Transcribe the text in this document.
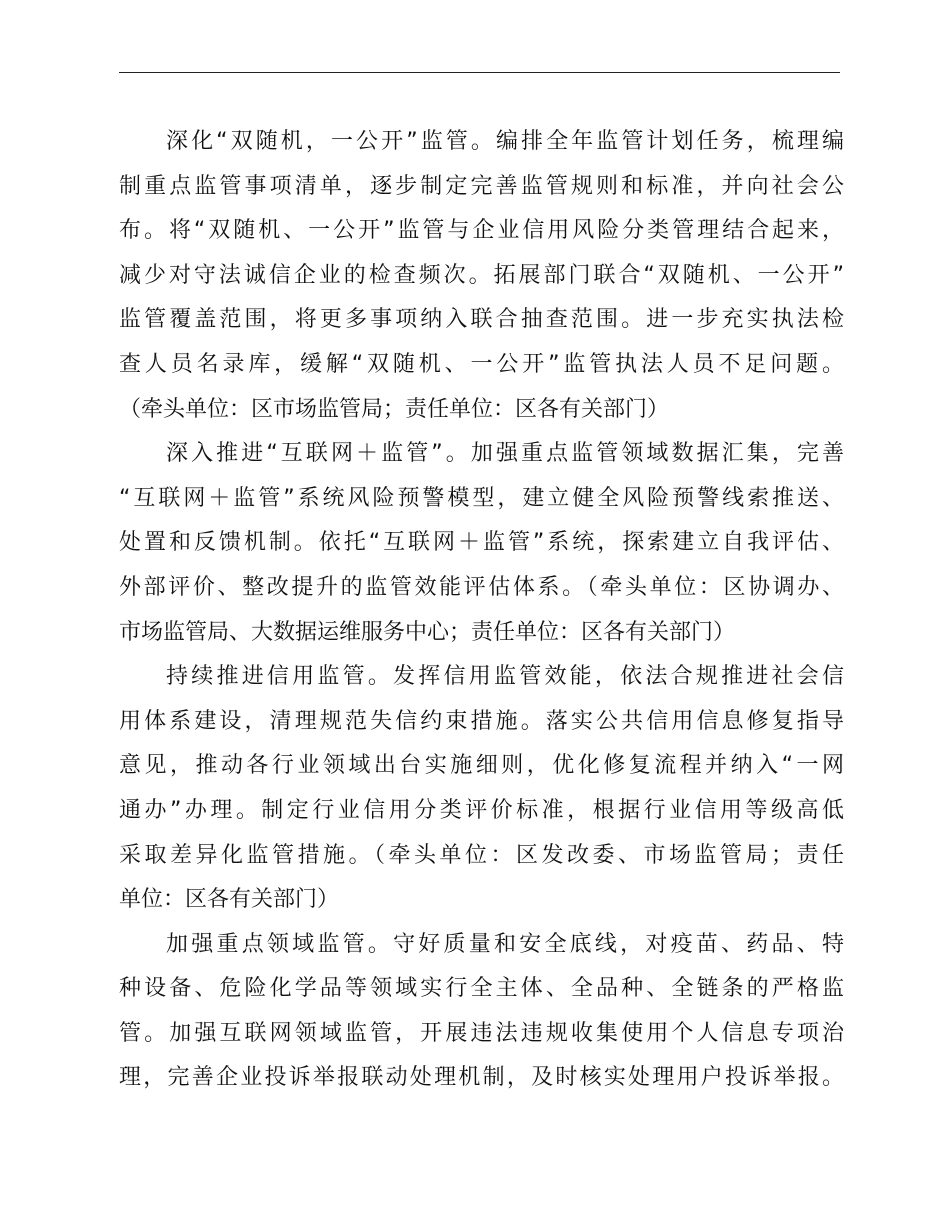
深化“双随机，一公开”监管。编排全年监管计划任务，梳理编
制重点监管事项清单，逐步制定完善监管规则和标准，并向社会公
布。将“双随机、一公开”监管与企业信用风险分类管理结合起来，
减少对守法诚信企业的检查频次。拓展部门联合“双随机、一公开”
监管覆盖范围，将更多事项纳入联合抽查范围。进一步充实执法检
查人员名录库，缓解“双随机、一公开”监管执法人员不足问题。
（牵头单位：区市场监管局；责任单位：区各有关部门）
深入推进“互联网＋监管”。加强重点监管领域数据汇集，完善
“互联网＋监管”系统风险预警模型，建立健全风险预警线索推送、
处置和反馈机制。依托“互联网＋监管”系统，探索建立自我评估、
外部评价、整改提升的监管效能评估体系。（牵头单位：区协调办、
市场监管局、大数据运维服务中心；责任单位：区各有关部门）
持续推进信用监管。发挥信用监管效能，依法合规推进社会信
用体系建设，清理规范失信约束措施。落实公共信用信息修复指导
意见，推动各行业领域出台实施细则，优化修复流程并纳入“一网
通办”办理。制定行业信用分类评价标准，根据行业信用等级高低
采取差异化监管措施。（牵头单位：区发改委、市场监管局；责任
单位：区各有关部门）
加强重点领域监管。守好质量和安全底线，对疫苗、药品、特
种设备、危险化学品等领域实行全主体、全品种、全链条的严格监
管。加强互联网领域监管，开展违法违规收集使用个人信息专项治
理，完善企业投诉举报联动处理机制，及时核实处理用户投诉举报。
